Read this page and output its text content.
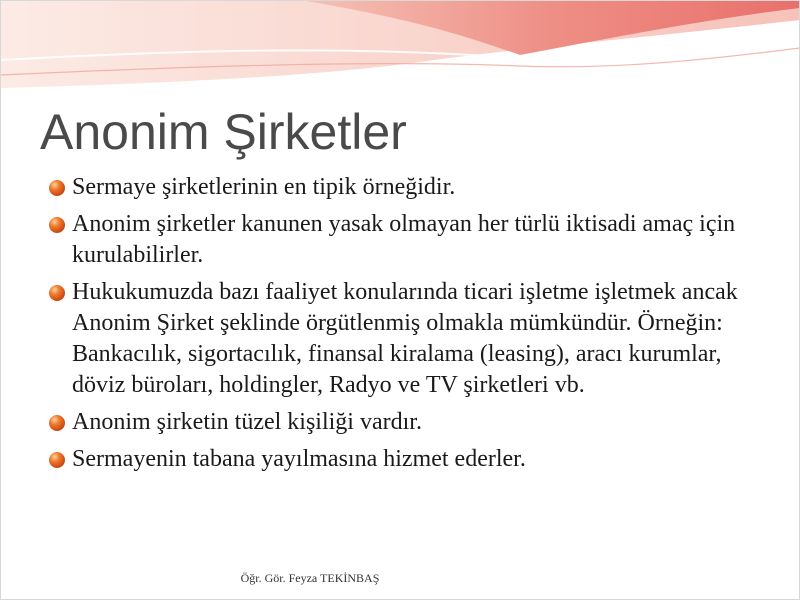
Anonim Şirketler
Sermaye şirketlerinin en tipik örneğidir.
Anonim şirketler kanunen yasak olmayan her türlü iktisadi amaç için kurulabilirler.
Hukukumuzda bazı faaliyet konularında ticari işletme işletmek ancak Anonim Şirket şeklinde örgütlenmiş olmakla mümkündür. Örneğin: Bankacılık, sigortacılık, finansal kiralama (leasing), aracı kurumlar, döviz büroları, holdingler, Radyo ve TV şirketleri vb.
Anonim şirketin tüzel kişiliği vardır.
Sermayenin tabana yayılmasına hizmet ederler.
Öğr. Gör. Feyza TEKİNBAŞ
